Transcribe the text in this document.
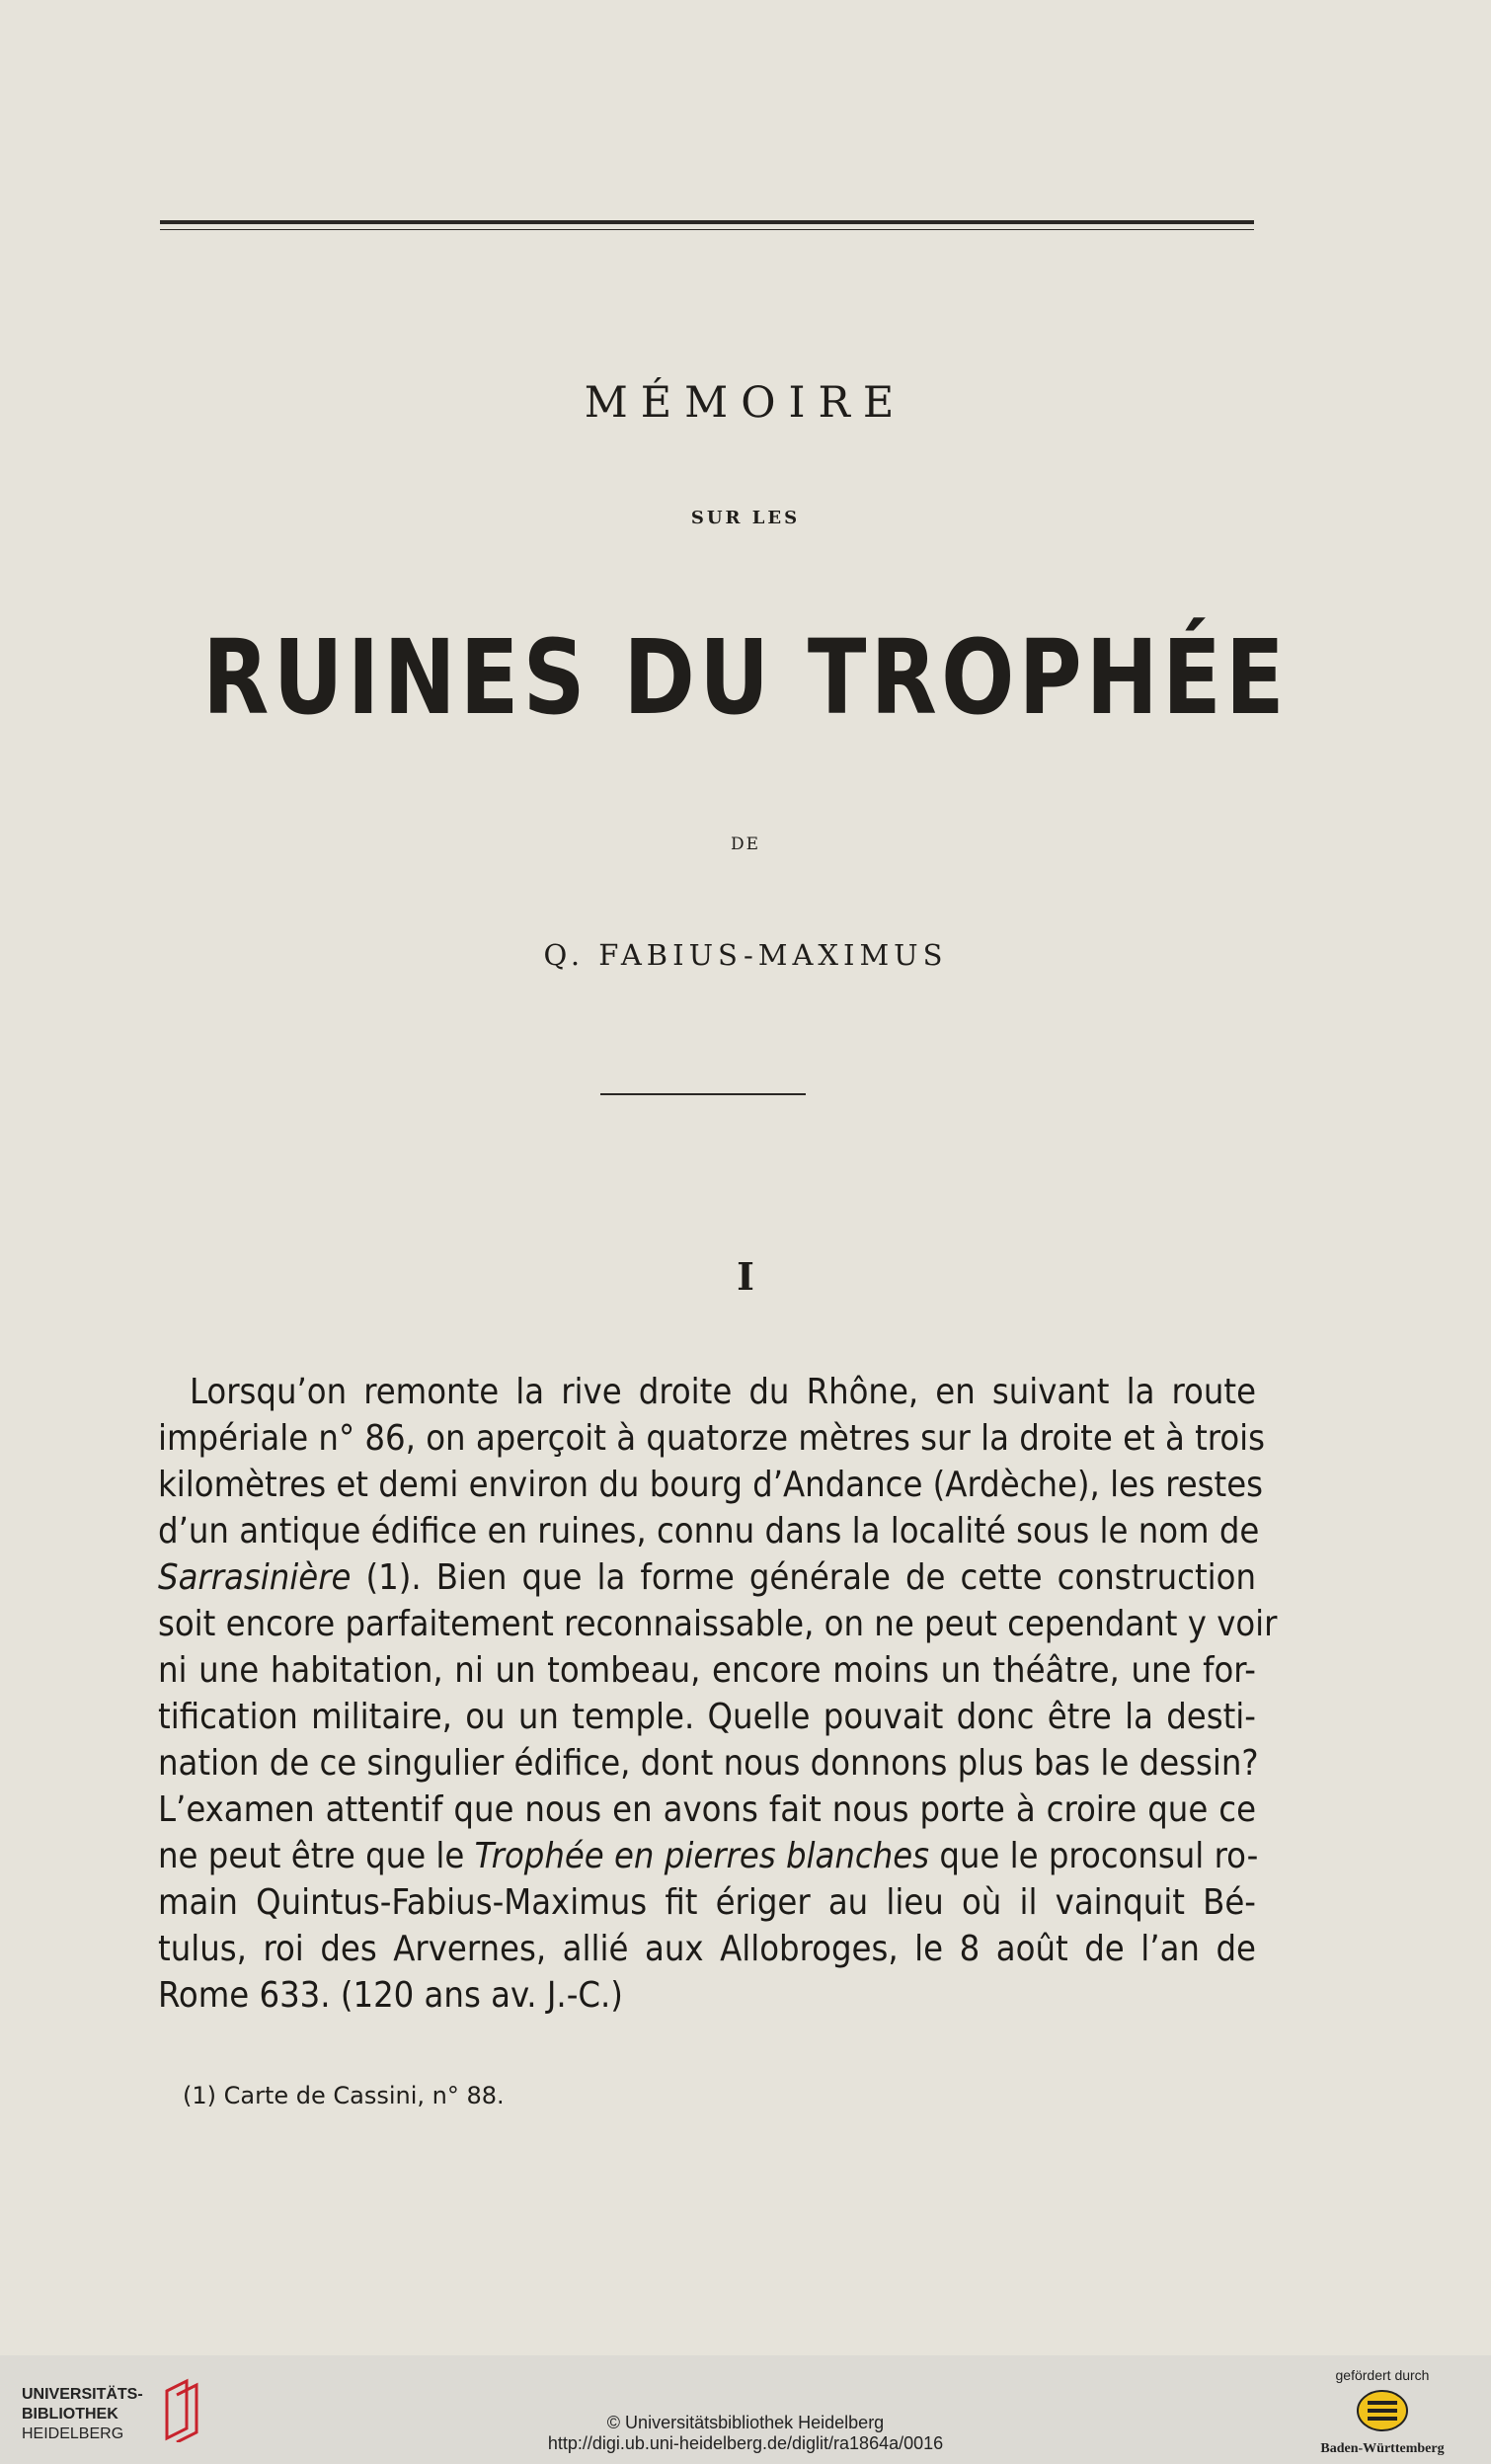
MÉMOIRE
SUR LES
RUINES DU TROPHÉE
DE
Q. FABIUS-MAXIMUS
I
Lorsqu’on remonte la rive droite du Rhône, en suivant la route
impériale n° 86, on aperçoit à quatorze mètres sur la droite et à trois
kilomètres et demi environ du bourg d’Andance (Ardèche), les restes
d’un antique édifice en ruines, connu dans la localité sous le nom de
Sarrasinière (1). Bien que la forme générale de cette construction
soit encore parfaitement reconnaissable, on ne peut cependant y voir
ni une habitation, ni un tombeau, encore moins un théâtre, une for-
tification militaire, ou un temple. Quelle pouvait donc être la desti-
nation de ce singulier édifice, dont nous donnons plus bas le dessin?
L’examen attentif que nous en avons fait nous porte à croire que ce
ne peut être que le Trophée en pierres blanches que le proconsul ro-
main Quintus-Fabius-Maximus fit ériger au lieu où il vainquit Bé-
tulus, roi des Arvernes, allié aux Allobroges, le 8 août de l’an de
Rome 633. (120 ans av. J.-C.)
(1) Carte de Cassini, n° 88.
UNIVERSITÄTS-
BIBLIOTHEK
HEIDELBERG
© Universitätsbibliothek Heidelberg
http://digi.ub.uni-heidelberg.de/diglit/ra1864a/0016
gefördert durch
Baden-Württemberg
